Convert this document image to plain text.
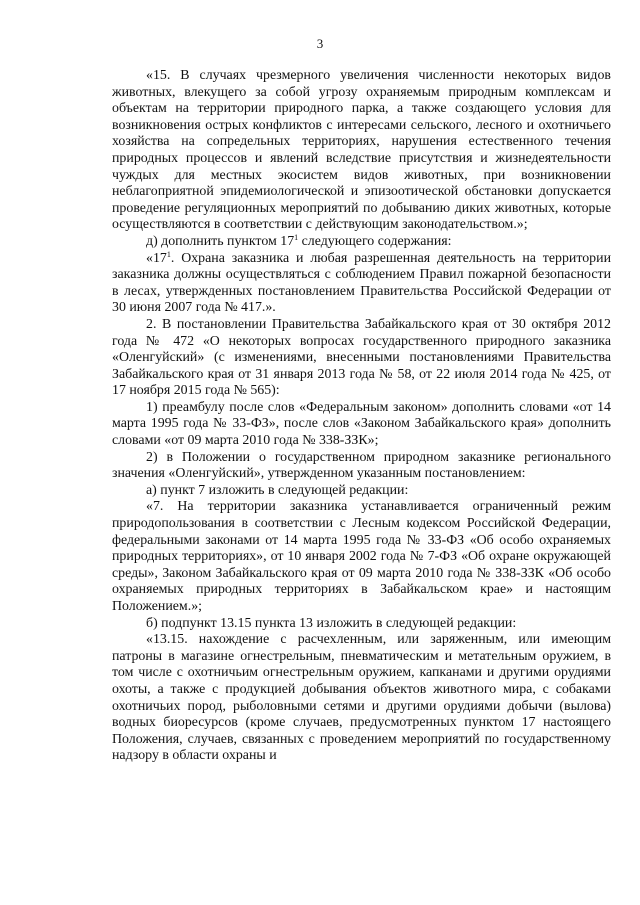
3

«15. В случаях чрезмерного увеличения численности некоторых видов животных, влекущего за собой угрозу охраняемым природным комплексам и объектам на территории природного парка, а также создающего условия для возникновения острых конфликтов с интересами сельского, лесного и охотничьего хозяйства на сопредельных территориях, нарушения естественного течения природных процессов и явлений вследствие присутствия и жизнедеятельности чуждых для местных экосистем видов животных, при возникновении неблагоприятной эпидемиологической и эпизоотической обстановки допускается проведение регуляционных мероприятий по добыванию диких животных, которые осуществляются в соответствии с действующим законодательством.»;

д) дополнить пунктом $17^1$ следующего содержания:

«$17^1$. Охрана заказника и любая разрешенная деятельность на территории заказника должны осуществляться с соблюдением Правил пожарной безопасности в лесах, утвержденных постановлением Правительства Российской Федерации от 30 июня 2007 года № 417.».

2. В постановлении Правительства Забайкальского края от 30 октября 2012 года № 472 «О некоторых вопросах государственного природного заказника «Оленгуйский» (с изменениями, внесенными постановлениями Правительства Забайкальского края от 31 января 2013 года № 58, от 22 июля 2014 года № 425, от 17 ноября 2015 года № 565):

1) преамбулу после слов «Федеральным законом» дополнить словами «от 14 марта 1995 года № 33-ФЗ», после слов «Законом Забайкальского края» дополнить словами «от 09 марта 2010 года № 338-ЗЗК»;

2) в Положении о государственном природном заказнике регионального значения «Оленгуйский», утвержденном указанным постановлением:

а) пункт 7 изложить в следующей редакции:

«7. На территории заказника устанавливается ограниченный режим природопользования в соответствии с Лесным кодексом Российской Федерации, федеральными законами от 14 марта 1995 года № 33-ФЗ «Об особо охраняемых природных территориях», от 10 января 2002 года № 7-ФЗ «Об охране окружающей среды», Законом Забайкальского края от 09 марта 2010 года № 338-ЗЗК «Об особо охраняемых природных территориях в Забайкальском крае» и настоящим Положением.»;

б) подпункт 13.15 пункта 13 изложить в следующей редакции:

«13.15. нахождение с расчехленным, или заряженным, или имеющим патроны в магазине огнестрельным, пневматическим и метательным оружием, в том числе с охотничьим огнестрельным оружием, капканами и другими орудиями охоты, а также с продукцией добывания объектов животного мира, с собаками охотничьих пород, рыболовными сетями и другими орудиями добычи (вылова) водных биоресурсов (кроме случаев, предусмотренных пунктом 17 настоящего Положения, случаев, связанных с проведением мероприятий по государственному надзору в области охраны и
